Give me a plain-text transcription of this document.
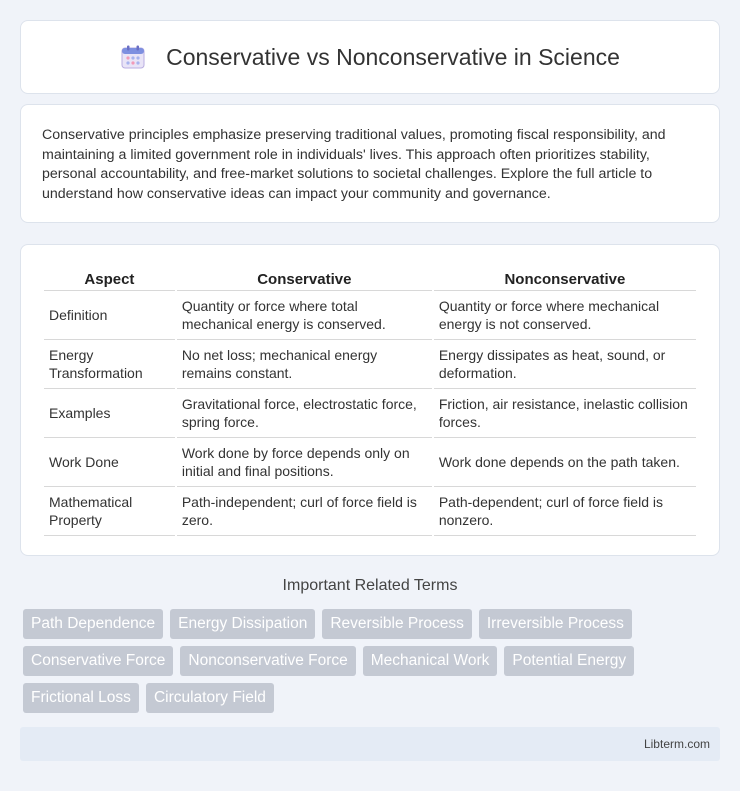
Conservative vs Nonconservative in Science

Conservative principles emphasize preserving traditional values, promoting fiscal responsibility, and maintaining a limited government role in individuals' lives. This approach often prioritizes stability, personal accountability, and free-market solutions to societal challenges. Explore the full article to understand how conservative ideas can impact your community and governance.

Aspect	Conservative	Nonconservative
Definition	Quantity or force where total mechanical energy is conserved.	Quantity or force where mechanical energy is not conserved.
Energy Transformation	No net loss; mechanical energy remains constant.	Energy dissipates as heat, sound, or deformation.
Examples	Gravitational force, electrostatic force, spring force.	Friction, air resistance, inelastic collision forces.
Work Done	Work done by force depends only on initial and final positions.	Work done depends on the path taken.
Mathematical Property	Path-independent; curl of force field is zero.	Path-dependent; curl of force field is nonzero.
Important Related Terms
Path Dependence	Energy Dissipation	Reversible Process	Irreversible Process
Conservative Force	Nonconservative Force	Mechanical Work	Potential Energy
Frictional Loss	Circulatory Field
Libterm.com
